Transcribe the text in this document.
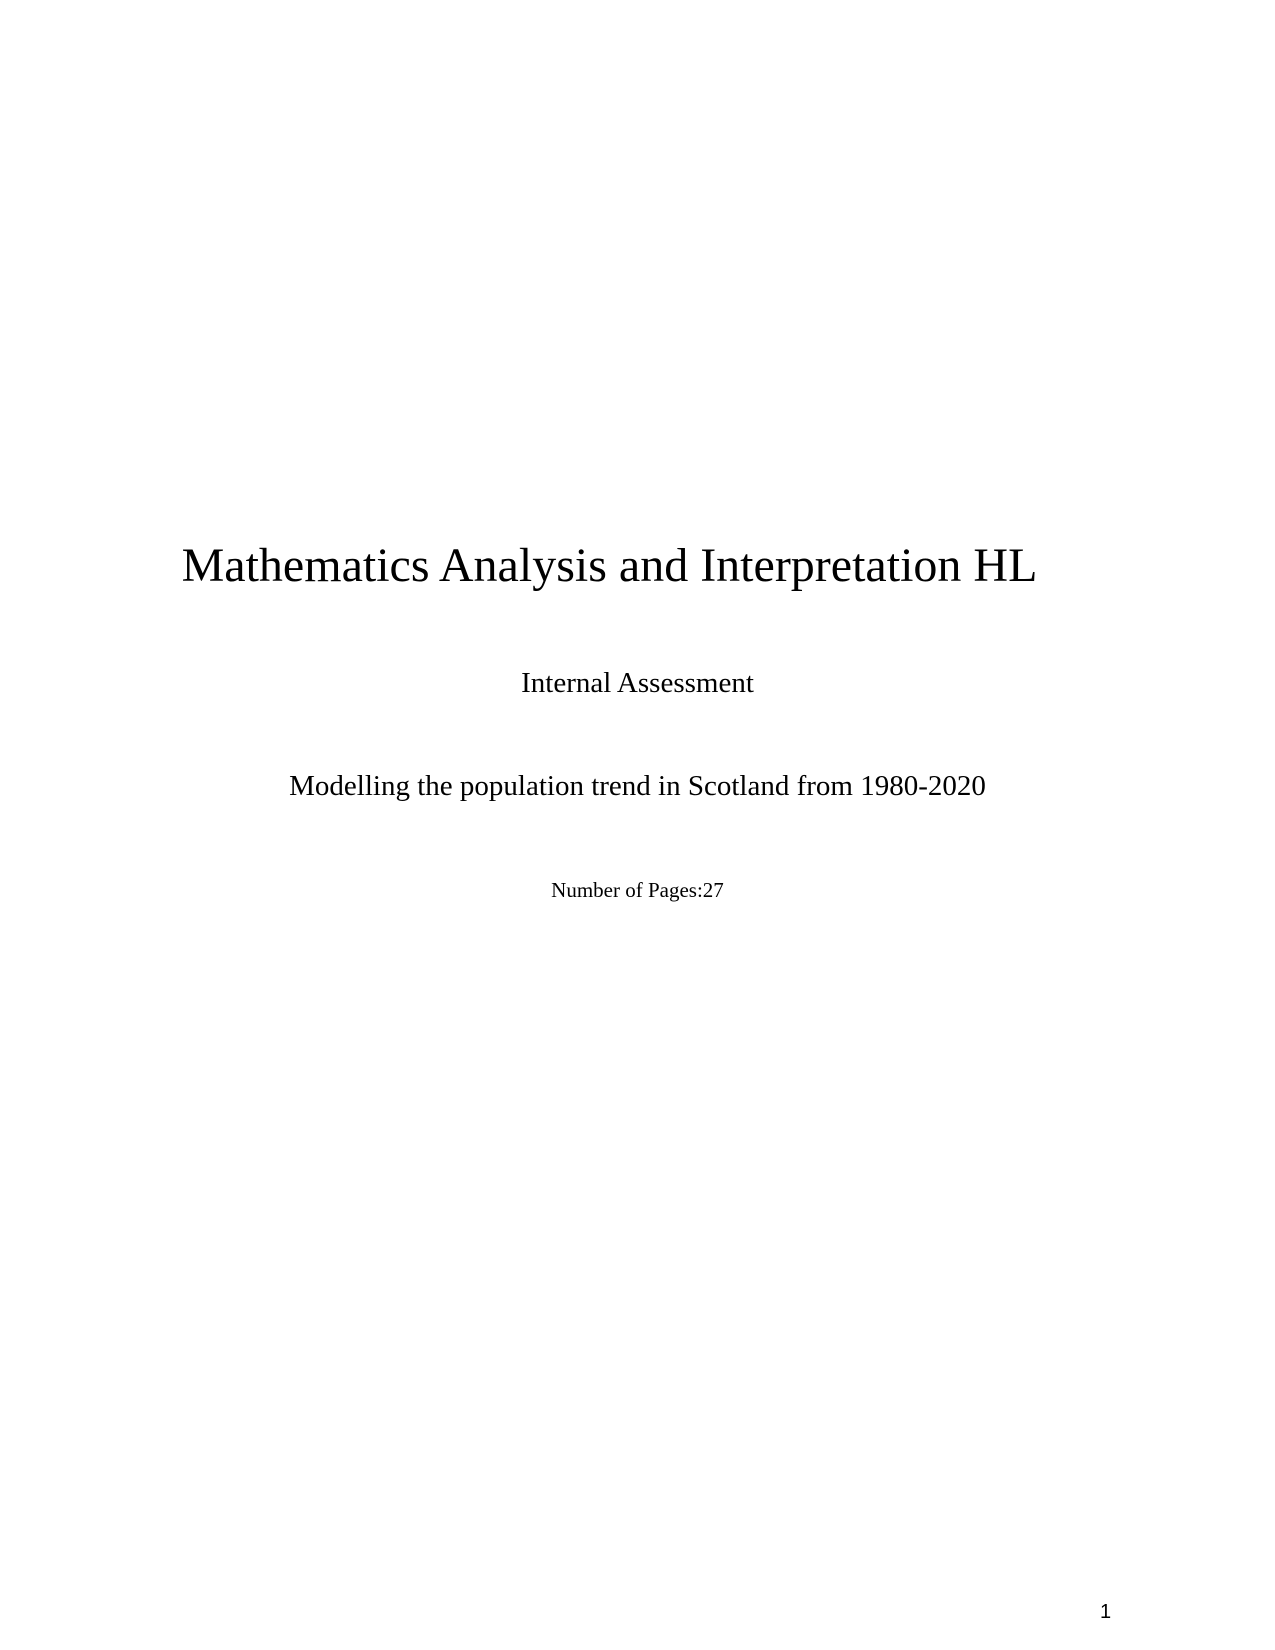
Mathematics Analysis and Interpretation HL
Internal Assessment
Modelling the population trend in Scotland from 1980-2020
Number of Pages:27
1
